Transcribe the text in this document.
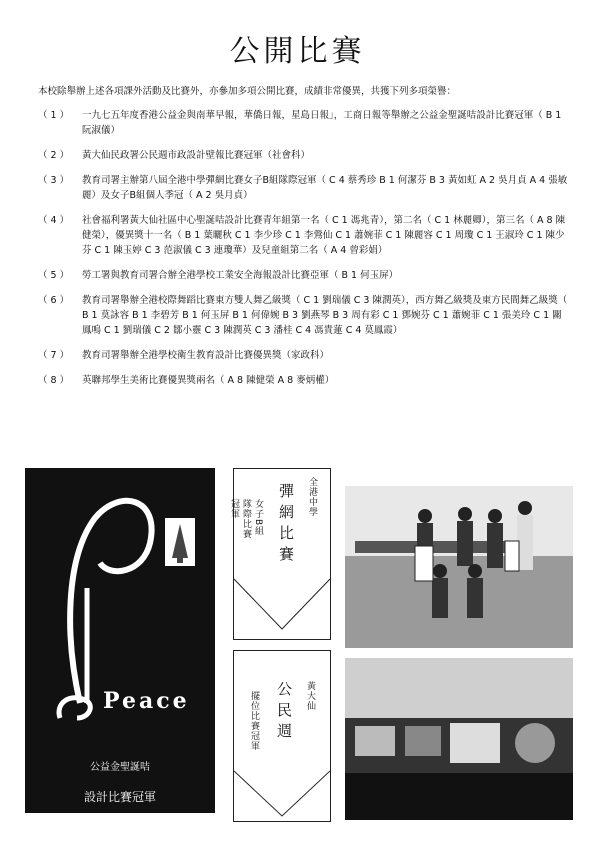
公開比賽
本校除舉辦上述各項課外活動及比賽外，亦參加多項公開比賽，成績非常優異，共獲下列多項榮譽：
（ 1 ）	一九七五年度香港公益金與南華早報，華僑日報，星島日報」，工商日報等舉辦之公益金聖誕咭設計比賽冠軍（ B 1 阮淑儀）
（ 2 ）	黃大仙民政署公民週市政設計壁報比賽冠軍（社會科）
（ 3 ）	教育司署主辦第八屆全港中學彈網比賽女子B組隊際冠軍（ C 4 蔡秀珍 B 1 何潔芬 B 3 黃如虹 A 2 吳月貞 A 4 張敏麗）及女子B組個人季冠（ A 2 吳月貞）
（ 4 ）	社會福利署黃大仙社區中心聖誕咭設計比賽青年組第一名（ C 1 馮兆青），第二名（ C 1 林麗卿），第三名（ A 8 陳健榮），優異獎十一名（ B 1 葉曬秋 C 1 李少珍 C 1 李鶯仙 C 1 蕭婉菲 C 1 陳麗容 C 1 周瓊 C 1 王淑玲 C 1 陳少芬 C 1 陳玉婷 C 3 范淑儀 C 3 連瓊華）及兒童組第二名（ A 4 曾彩娟）
（ 5 ）	勞工署與教育司署合辦全港學校工業安全海報設計比賽亞軍（ B 1 何玉屏）
（ 6 ）	教育司署舉辦全港校際舞蹈比賽東方雙人舞乙級獎（ C 1 劉瑞儀 C 3 陳潤英），西方舞乙級獎及東方民間舞乙級獎（ B 1 莫詠容 B 1 李碧芳 B 1 何玉屏 B 1 何偉婉 B 3 劉燕琴 B 3 周有彩 C 1 鄧婉芬 C 1 蕭婉菲 C 1 張美玲 C 1 關鳳鳴 C 1 劉瑞儀 C 2 鄒小靈 C 3 陳潤英 C 3 潘桂 C 4 馮貴蓮 C 4 莫鳳霞）
（ 7 ）	教育司署舉辦全港學校衛生教育設計比賽優異獎（家政科）
（ 8 ）	英聯邦學生美術比賽優異獎兩名（ A 8 陳健榮 A 8 麥炳權）
Peace
公益金聖誕咭
設計比賽冠軍
全港中學
彈網比賽
女子B組
隊際比賽
冠軍
黃大仙
公民週
擺位比賽冠軍
